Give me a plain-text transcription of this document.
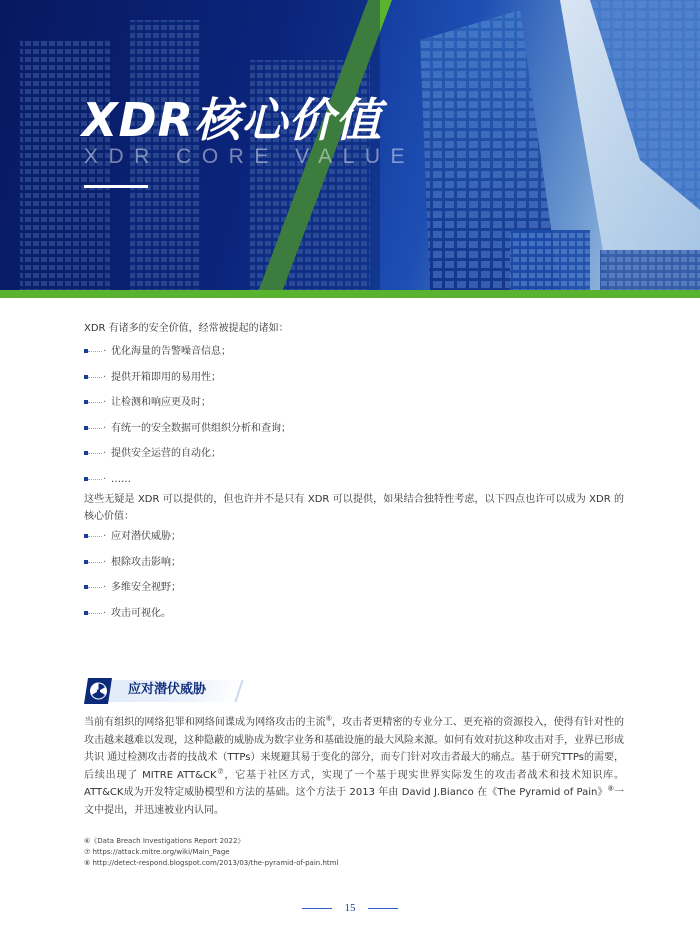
XDR核心价值
XDR CORE VALUE

XDR 有诸多的安全价值，经常被提起的诸如：

· 优化海量的告警噪音信息；
· 提供开箱即用的易用性；
· 让检测和响应更及时；
· 有统一的安全数据可供组织分析和查询；
· 提供安全运营的自动化；
· ……

这些无疑是 XDR 可以提供的，但也许并不是只有 XDR 可以提供，如果结合独特性考虑，以下四点也许可以成为 XDR 的核心价值：

· 应对潜伏威胁；
· 根除攻击影响；
· 多维安全视野；
· 攻击可视化。
应对潜伏威胁

当前有组织的网络犯罪和网络间谍成为网络攻击的主流⑥，攻击者更精密的专业分工、更充裕的资源投入，使得有针对性的攻击越来越难以发现，这种隐蔽的威胁成为数字业务和基础设施的最大风险来源。如何有效对抗这种攻击对手，业界已形成共识 通过检测攻击者的技战术（TTPs）来规避其易于变化的部分，而专门针对攻击者最大的痛点。基于研究TTPs的需要，后续出现了 MITRE ATT&CK⑦，它基于社区方式，实现了一个基于现实世界实际发生的攻击者战术和技术知识库。ATT&CK成为开发特定威胁模型和方法的基础。这个方法于 2013 年由 David J.Bianco 在《The Pyramid of Pain》⑧一文中提出，并迅速被业内认同。

⑥《Data Breach Investigations Report 2022》
⑦ https://attack.mitre.org/wiki/Main_Page
⑧ http://detect-respond.blogspot.com/2013/03/the-pyramid-of-pain.html
15
